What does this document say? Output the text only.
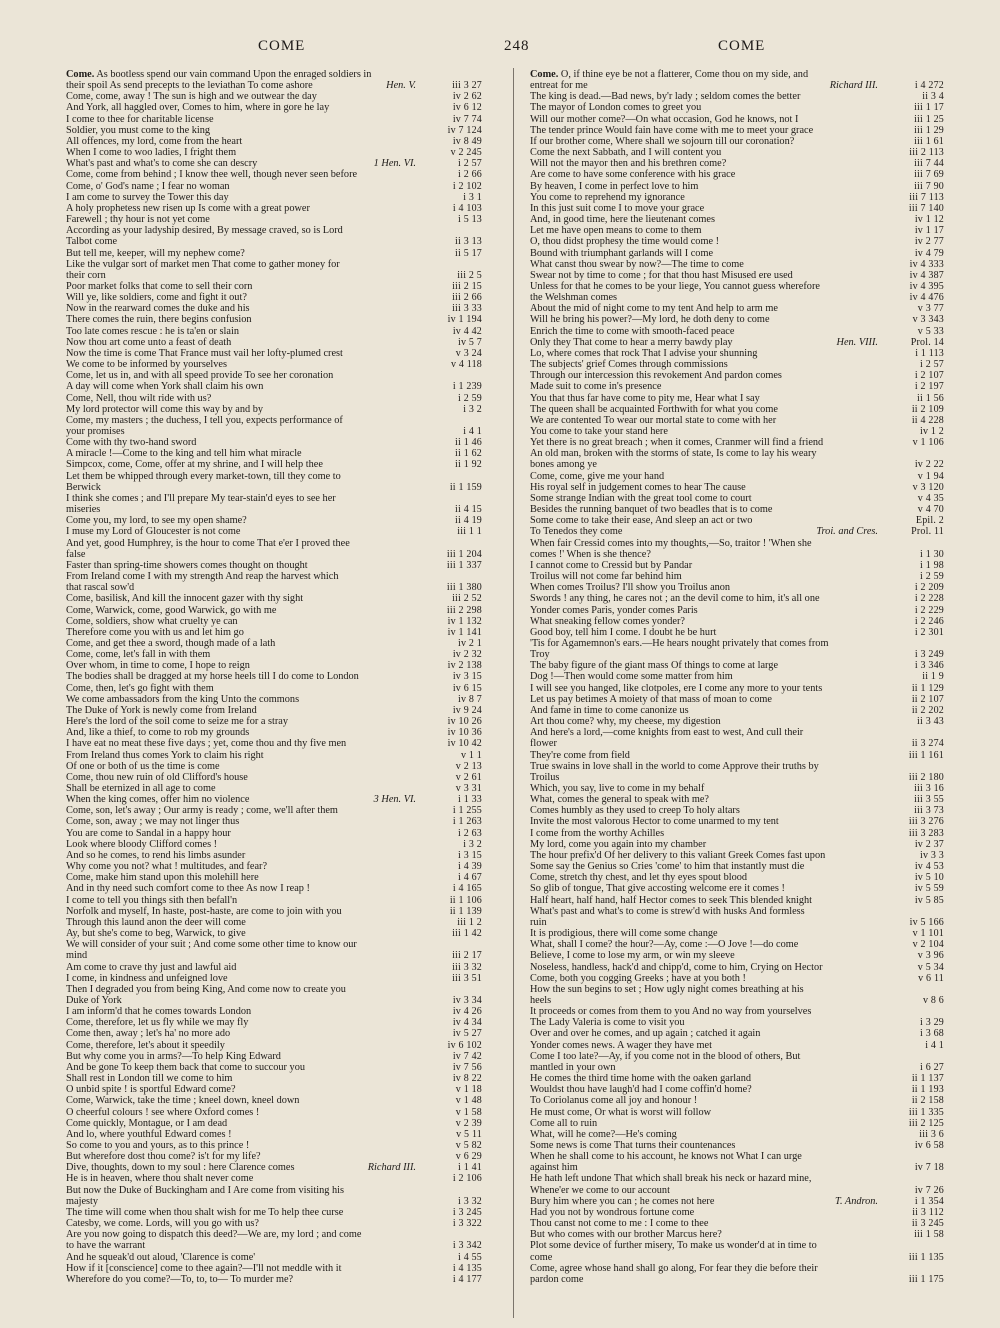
COME	248	COME
Come. As bootless spend our vain command Upon the enraged soldiers in
their spoil As send precepts to the leviathan To come ashore	Hen. V.	iii 3 27
Come, come, away ! The sun is high and we outwear the day	iv 2 62
And York, all haggled over, Comes to him, where in gore he lay	iv 6 12
I come to thee for charitable license	iv 7 74
Soldier, you must come to the king	iv 7 124
All offences, my lord, come from the heart	iv 8 49
When I come to woo ladies, I fright them	v 2 245
What's past and what's to come she can descry	1 Hen. VI.	i 2 57
Come, come from behind ; I know thee well, though never seen before	i 2 66
Come, o' God's name ; I fear no woman	i 2 102
I am come to survey the Tower this day	i 3 1
A holy prophetess new risen up Is come with a great power	i 4 103
Farewell ; thy hour is not yet come	i 5 13
According as your ladyship desired, By message craved, so is Lord
Talbot come	ii 3 13
But tell me, keeper, will my nephew come?	ii 5 17
Like the vulgar sort of market men That come to gather money for
their corn	iii 2 5
Poor market folks that come to sell their corn	iii 2 15
Will ye, like soldiers, come and fight it out?	iii 2 66
Now in the rearward comes the duke and his	iii 3 33
There comes the ruin, there begins confusion	iv 1 194
Too late comes rescue : he is ta'en or slain	iv 4 42
Now thou art come unto a feast of death	iv 5 7
Now the time is come That France must vail her lofty-plumed crest	v 3 24
We come to be informed by yourselves	v 4 118
Come, let us in, and with all speed provide To see her coronation
A day will come when York shall claim his own	i 1 239
Come, Nell, thou wilt ride with us?	i 2 59
My lord protector will come this way by and by	i 3 2
Come, my masters ; the duchess, I tell you, expects performance of
your promises	i 4 1
Come with thy two-hand sword	ii 1 46
A miracle !—Come to the king and tell him what miracle	ii 1 62
Simpcox, come, Come, offer at my shrine, and I will help thee	ii 1 92
Let them be whipped through every market-town, till they come to
Berwick	ii 1 159
I think she comes ; and I'll prepare My tear-stain'd eyes to see her
miseries	ii 4 15
Come you, my lord, to see my open shame?	ii 4 19
I muse my Lord of Gloucester is not come	iii 1 1
And yet, good Humphrey, is the hour to come That e'er I proved thee
false	iii 1 204
Faster than spring-time showers comes thought on thought	iii 1 337
From Ireland come I with my strength And reap the harvest which
that rascal sow'd	iii 1 380
Come, basilisk, And kill the innocent gazer with thy sight	iii 2 52
Come, Warwick, come, good Warwick, go with me	iii 2 298
Come, soldiers, show what cruelty ye can	iv 1 132
Therefore come you with us and let him go	iv 1 141
Come, and get thee a sword, though made of a lath	iv 2 1
Come, come, let's fall in with them	iv 2 32
Over whom, in time to come, I hope to reign	iv 2 138
The bodies shall be dragged at my horse heels till I do come to London	iv 3 15
Come, then, let's go fight with them	iv 6 15
We come ambassadors from the king Unto the commons	iv 8 7
The Duke of York is newly come from Ireland	iv 9 24
Here's the lord of the soil come to seize me for a stray	iv 10 26
And, like a thief, to come to rob my grounds	iv 10 36
I have eat no meat these five days ; yet, come thou and thy five men	iv 10 42
From Ireland thus comes York to claim his right	v 1 1
Of one or both of us the time is come	v 2 13
Come, thou new ruin of old Clifford's house	v 2 61
Shall be eternized in all age to come	v 3 31
When the king comes, offer him no violence	3 Hen. VI.	i 1 33
Come, son, let's away ; Our army is ready ; come, we'll after them	i 1 255
Come, son, away ; we may not linger thus	i 1 263
You are come to Sandal in a happy hour	i 2 63
Look where bloody Clifford comes !	i 3 2
And so he comes, to rend his limbs asunder	i 3 15
Why come you not? what ! multitudes, and fear?	i 4 39
Come, make him stand upon this molehill here	i 4 67
And in thy need such comfort come to thee As now I reap !	i 4 165
I come to tell you things sith then befall'n	ii 1 106
Norfolk and myself, In haste, post-haste, are come to join with you	ii 1 139
Through this laund anon the deer will come	iii 1 2
Ay, but she's come to beg, Warwick, to give	iii 1 42
We will consider of your suit ; And come some other time to know our
mind	iii 2 17
Am come to crave thy just and lawful aid	iii 3 32
I come, in kindness and unfeigned love	iii 3 51
Then I degraded you from being King, And come now to create you
Duke of York	iv 3 34
I am inform'd that he comes towards London	iv 4 26
Come, therefore, let us fly while we may fly	iv 4 34
Come then, away ; let's ha' no more ado	iv 5 27
Come, therefore, let's about it speedily	iv 6 102
But why come you in arms?—To help King Edward	iv 7 42
And be gone To keep them back that come to succour you	iv 7 56
Shall rest in London till we come to him	iv 8 22
O unbid spite ! is sportful Edward come?	v 1 18
Come, Warwick, take the time ; kneel down, kneel down	v 1 48
O cheerful colours ! see where Oxford comes !	v 1 58
Come quickly, Montague, or I am dead	v 2 39
And lo, where youthful Edward comes !	v 5 11
So come to you and yours, as to this prince !	v 5 82
But wherefore dost thou come? is't for my life?	v 6 29
Dive, thoughts, down to my soul : here Clarence comes	Richard III.	i 1 41
He is in heaven, where thou shalt never come	i 2 106
But now the Duke of Buckingham and I Are come from visiting his
majesty	i 3 32
The time will come when thou shalt wish for me To help thee curse	i 3 245
Catesby, we come. Lords, will you go with us?	i 3 322
Are you now going to dispatch this deed?—We are, my lord ; and come
to have the warrant	i 3 342
And he squeak'd out aloud, 'Clarence is come'	i 4 55
How if it [conscience] come to thee again?—I'll not meddle with it	i 4 135
Wherefore do you come?—To, to, to— To murder me?	i 4 177
Come. O, if thine eye be not a flatterer, Come thou on my side, and
entreat for me	Richard III.	i 4 272
The king is dead.—Bad news, by'r lady ; seldom comes the better	ii 3 4
The mayor of London comes to greet you	iii 1 17
Will our mother come?—On what occasion, God he knows, not I	iii 1 25
The tender prince Would fain have come with me to meet your grace	iii 1 29
If our brother come, Where shall we sojourn till our coronation?	iii 1 61
Come the next Sabbath, and I will content you	iii 2 113
Will not the mayor then and his brethren come?	iii 7 44
Are come to have some conference with his grace	iii 7 69
By heaven, I come in perfect love to him	iii 7 90
You come to reprehend my ignorance	iii 7 113
In this just suit come I to move your grace	iii 7 140
And, in good time, here the lieutenant comes	iv 1 12
Let me have open means to come to them	iv 1 17
O, thou didst prophesy the time would come !	iv 2 77
Bound with triumphant garlands will I come	iv 4 79
What canst thou swear by now?—The time to come	iv 4 333
Swear not by time to come ; for that thou hast Misused ere used	iv 4 387
Unless for that he comes to be your liege, You cannot guess wherefore	iv 4 395
the Welshman comes	iv 4 476
About the mid of night come to my tent And help to arm me	v 3 77
Will he bring his power?—My lord, he doth deny to come	v 3 343
Enrich the time to come with smooth-faced peace	v 5 33
Only they That come to hear a merry bawdy play	Hen. VIII.	Prol. 14
Lo, where comes that rock That I advise your shunning	i 1 113
The subjects' grief Comes through commissions	i 2 57
Through our intercession this revokement And pardon comes	i 2 107
Made suit to come in's presence	i 2 197
You that thus far have come to pity me, Hear what I say	ii 1 56
The queen shall be acquainted Forthwith for what you come	ii 2 109
We are contented To wear our mortal state to come with her	ii 4 228
You come to take your stand here	iv 1 2
Yet there is no great breach ; when it comes, Cranmer will find a friend	v 1 106
An old man, broken with the storms of state, Is come to lay his weary
bones among ye	iv 2 22
Come, come, give me your hand	v 1 94
His royal self in judgement comes to hear The cause	v 3 120
Some strange Indian with the great tool come to court	v 4 35
Besides the running banquet of two beadles that is to come	v 4 70
Some come to take their ease, And sleep an act or two	Epil. 2
To Tenedos they come	Troi. and Cres.	Prol. 11
When fair Cressid comes into my thoughts,—So, traitor ! 'When she
comes !' When is she thence?	i 1 30
I cannot come to Cressid but by Pandar	i 1 98
Troilus will not come far behind him	i 2 59
When comes Troilus? I'll show you Troilus anon	i 2 209
Swords ! any thing, he cares not ; an the devil come to him, it's all one	i 2 228
Yonder comes Paris, yonder comes Paris	i 2 229
What sneaking fellow comes yonder?	i 2 246
Good boy, tell him I come. I doubt he be hurt	i 2 301
'Tis for Agamemnon's ears.—He hears nought privately that comes from
Troy	i 3 249
The baby figure of the giant mass Of things to come at large	i 3 346
Dog !—Then would come some matter from him	ii 1 9
I will see you hanged, like clotpoles, ere I come any more to your tents	ii 1 129
Let us pay betimes A moiety of that mass of moan to come	ii 2 107
And fame in time to come canonize us	ii 2 202
Art thou come? why, my cheese, my digestion	ii 3 43
And here's a lord,—come knights from east to west, And cull their
flower	ii 3 274
They're come from field	iii 1 161
True swains in love shall in the world to come Approve their truths by
Troilus	iii 2 180
Which, you say, live to come in my behalf	iii 3 16
What, comes the general to speak with me?	iii 3 55
Comes humbly as they used to creep To holy altars	iii 3 73
Invite the most valorous Hector to come unarmed to my tent	iii 3 276
I come from the worthy Achilles	iii 3 283
My lord, come you again into my chamber	iv 2 37
The hour prefix'd Of her delivery to this valiant Greek Comes fast upon	iv 3 3
Some say the Genius so Cries 'come' to him that instantly must die	iv 4 53
Come, stretch thy chest, and let thy eyes spout blood	iv 5 10
So glib of tongue, That give accosting welcome ere it comes !	iv 5 59
Half heart, half hand, half Hector comes to seek This blended knight	iv 5 85
What's past and what's to come is strew'd with husks And formless
ruin	iv 5 166
It is prodigious, there will come some change	v 1 101
What, shall I come? the hour?—Ay, come :—O Jove !—do come	v 2 104
Believe, I come to lose my arm, or win my sleeve	v 3 96
Noseless, handless, hack'd and chipp'd, come to him, Crying on Hector	v 5 34
Come, both you cogging Greeks ; have at you both !	v 6 11
How the sun begins to set ; How ugly night comes breathing at his
heels	v 8 6
It proceeds or comes from them to you And no way from yourselves
The Lady Valeria is come to visit you	i 3 29
Over and over he comes, and up again ; catched it again	i 3 68
Yonder comes news. A wager they have met	i 4 1
Come I too late?—Ay, if you come not in the blood of others, But
mantled in your own	i 6 27
He comes the third time home with the oaken garland	ii 1 137
Wouldst thou have laugh'd had I come coffin'd home?	ii 1 193
To Coriolanus come all joy and honour !	ii 2 158
He must come, Or what is worst will follow	iii 1 335
Come all to ruin	iii 2 125
What, will he come?—He's coming	iii 3 6
Some news is come That turns their countenances	iv 6 58
When he shall come to his account, he knows not What I can urge
against him	iv 7 18
He hath left undone That which shall break his neck or hazard mine,
Whene'er we come to our account	iv 7 26
Bury him where you can ; he comes not here	T. Andron.	i 1 354
Had you not by wondrous fortune come	ii 3 112
Thou canst not come to me : I come to thee	ii 3 245
But who comes with our brother Marcus here?	iii 1 58
Plot some device of further misery, To make us wonder'd at in time to
come	iii 1 135
Come, agree whose hand shall go along, For fear they die before their
pardon come	iii 1 175
